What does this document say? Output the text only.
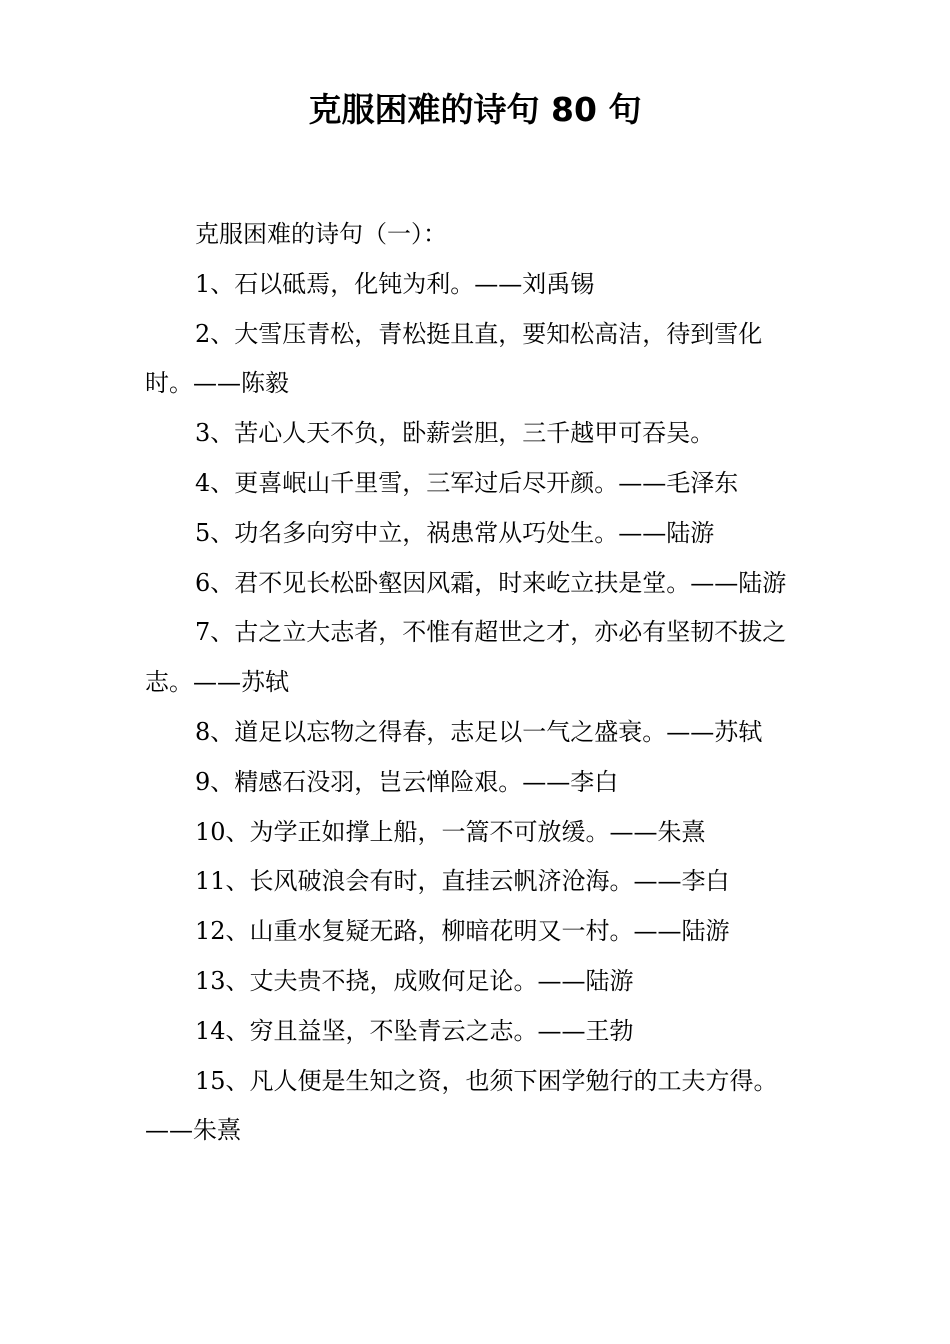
克服困难的诗句 80 句

克服困难的诗句（一）：

1、石以砥焉，化钝为利。——刘禹锡

2、大雪压青松，青松挺且直，要知松高洁，待到雪化时。——陈毅

3、苦心人天不负，卧薪尝胆，三千越甲可吞吴。

4、更喜岷山千里雪，三军过后尽开颜。——毛泽东

5、功名多向穷中立，祸患常从巧处生。——陆游

6、君不见长松卧壑因风霜，时来屹立扶是堂。——陆游

7、古之立大志者，不惟有超世之才，亦必有坚韧不拔之志。——苏轼

8、道足以忘物之得春，志足以一气之盛衰。——苏轼

9、精感石没羽，岂云惮险艰。——李白

10、为学正如撑上船，一篙不可放缓。——朱熹

11、长风破浪会有时，直挂云帆济沧海。——李白

12、山重水复疑无路，柳暗花明又一村。——陆游

13、丈夫贵不挠，成败何足论。——陆游

14、穷且益坚，不坠青云之志。——王勃

15、凡人便是生知之资，也须下困学勉行的工夫方得。——朱熹
